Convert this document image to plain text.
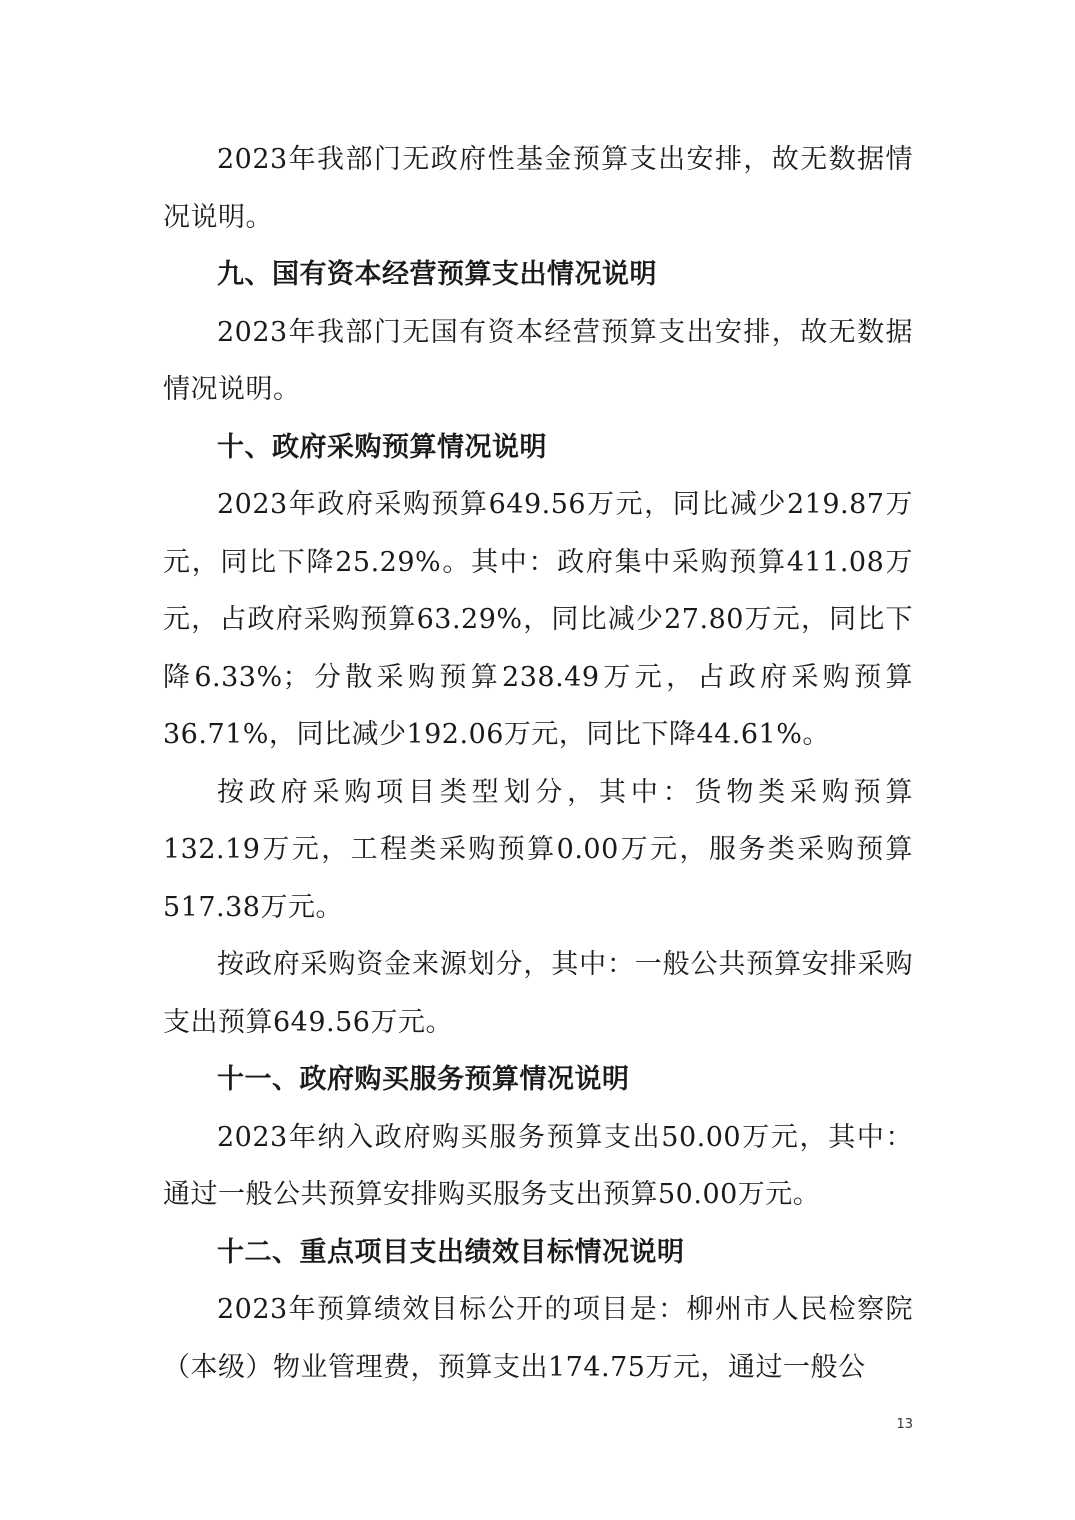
2023年我部门无政府性基金预算支出安排，故无数据情况说明。

九、国有资本经营预算支出情况说明

2023年我部门无国有资本经营预算支出安排，故无数据情况说明。

十、政府采购预算情况说明

2023年政府采购预算649.56万元，同比减少219.87万元，同比下降25.29%。其中：政府集中采购预算411.08万元，占政府采购预算63.29%，同比减少27.80万元，同比下降6.33%；分散采购预算238.49万元，占政府采购预算36.71%，同比减少192.06万元，同比下降44.61%。

按政府采购项目类型划分，其中：货物类采购预算132.19万元，工程类采购预算0.00万元，服务类采购预算517.38万元。

按政府采购资金来源划分，其中：一般公共预算安排采购支出预算649.56万元。

十一、政府购买服务预算情况说明

2023年纳入政府购买服务预算支出50.00万元，其中：通过一般公共预算安排购买服务支出预算50.00万元。

十二、重点项目支出绩效目标情况说明

2023年预算绩效目标公开的项目是：柳州市人民检察院（本级）物业管理费，预算支出174.75万元，通过一般公

13
